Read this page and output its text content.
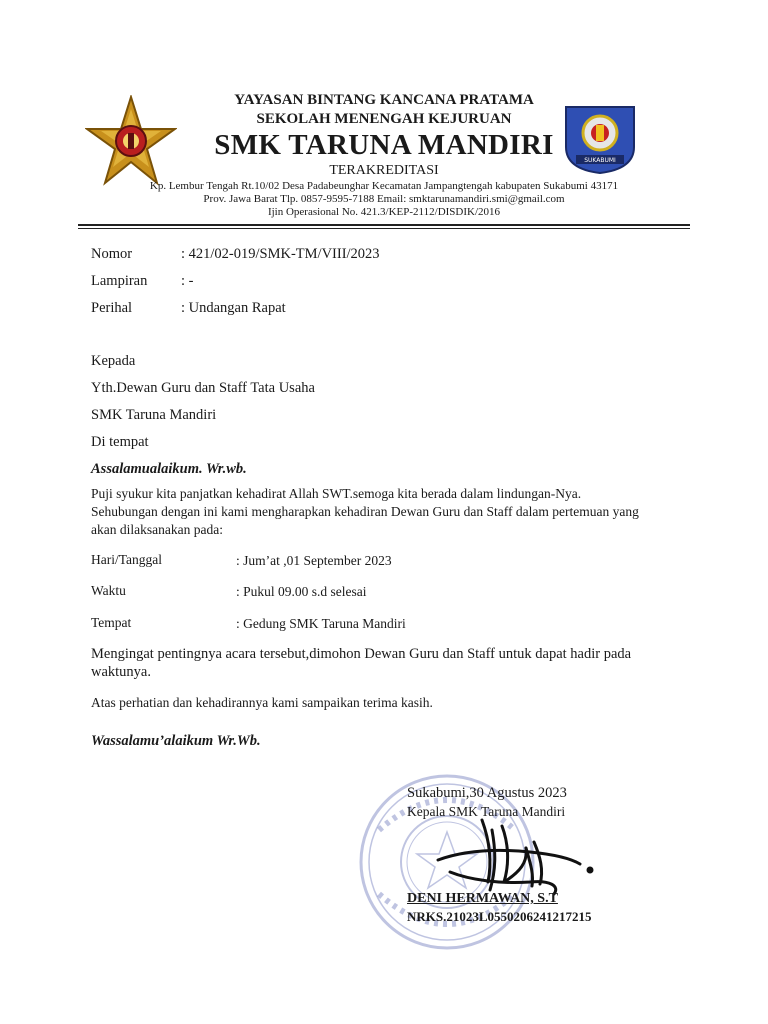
SUKABUMI
YAYASAN BINTANG KANCANA PRATAMA
SEKOLAH MENENGAH KEJURUAN
SMK TARUNA MANDIRI
TERAKREDITASI
Kp. Lembur Tengah Rt.10/02 Desa Padabeunghar Kecamatan Jampangtengah kabupaten Sukabumi 43171
Prov. Jawa Barat Tlp. 0857-9595-7188 Email: smktarunamandiri.smi@gmail.com
Ijin Operasional No. 421.3/KEP-2112/DISDIK/2016
Nomor	: 421/02-019/SMK-TM/VIII/2023
Lampiran : -
Perihal	: Undangan Rapat
Kepada
Yth.Dewan Guru dan Staff Tata Usaha
SMK Taruna Mandiri
Di tempat
Assalamualaikum. Wr.wb.
Puji syukur kita panjatkan kehadirat Allah SWT.semoga kita berada dalam lindungan-Nya.
Sehubungan dengan ini kami mengharapkan kehadiran Dewan Guru dan Staff dalam pertemuan yang
akan dilaksanakan pada:
Hari/Tanggal	: Jum’at ,01 September 2023
Waktu	: Pukul 09.00 s.d selesai
Tempat	: Gedung SMK Taruna Mandiri
Mengingat pentingnya acara tersebut,dimohon Dewan Guru dan Staff untuk dapat hadir pada
waktunya.
Atas perhatian dan kehadirannya kami sampaikan terima kasih.
Wassalamu’alaikum Wr.Wb.
Sukabumi,30 Agustus 2023
Kepala SMK Taruna Mandiri
DENI HERMAWAN, S.T
NRKS.21023L0550206241217215
